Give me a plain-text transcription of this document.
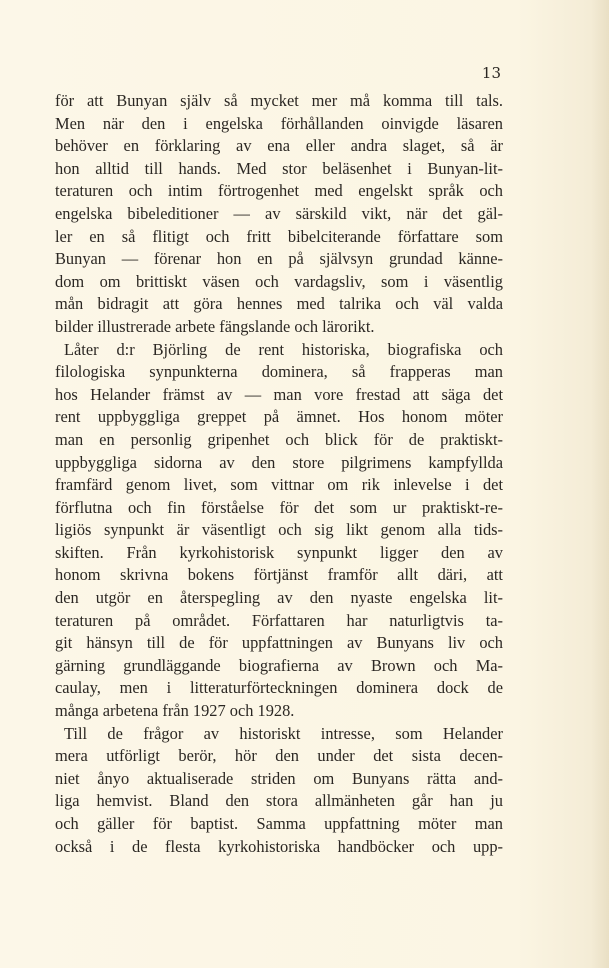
13

för att Bunyan själv så mycket mer må komma till tals.
Men när den i engelska förhållanden oinvigde läsaren
behöver en förklaring av ena eller andra slaget, så är
hon alltid till hands. Med stor beläsenhet i Bunyan-lit-
teraturen och intim förtrogenhet med engelskt språk och
engelska bibeleditioner — av särskild vikt, när det gäl-
ler en så flitigt och fritt bibelciterande författare som
Bunyan — förenar hon en på självsyn grundad känne-
dom om brittiskt väsen och vardagsliv, som i väsentlig
mån bidragit att göra hennes med talrika och väl valda
bilder illustrerade arbete fängslande och lärorikt.
Låter d:r Björling de rent historiska, biografiska och
filologiska synpunkterna dominera, så frapperas man
hos Helander främst av — man vore frestad att säga det
rent uppbyggliga greppet på ämnet. Hos honom möter
man en personlig gripenhet och blick för de praktiskt-
uppbyggliga sidorna av den store pilgrimens kampfyllda
framfärd genom livet, som vittnar om rik inlevelse i det
förflutna och fin förståelse för det som ur praktiskt-re-
ligiös synpunkt är väsentligt och sig likt genom alla tids-
skiften. Från kyrkohistorisk synpunkt ligger den av
honom skrivna bokens förtjänst framför allt däri, att
den utgör en återspegling av den nyaste engelska lit-
teraturen på området. Författaren har naturligtvis ta-
git hänsyn till de för uppfattningen av Bunyans liv och
gärning grundläggande biografierna av Brown och Ma-
caulay, men i litteraturförteckningen dominera dock de
många arbetena från 1927 och 1928.
Till de frågor av historiskt intresse, som Helander
mera utförligt berör, hör den under det sista decen-
niet ånyo aktualiserade striden om Bunyans rätta and-
liga hemvist. Bland den stora allmänheten går han ju
och gäller för baptist. Samma uppfattning möter man
också i de flesta kyrkohistoriska handböcker och upp-
